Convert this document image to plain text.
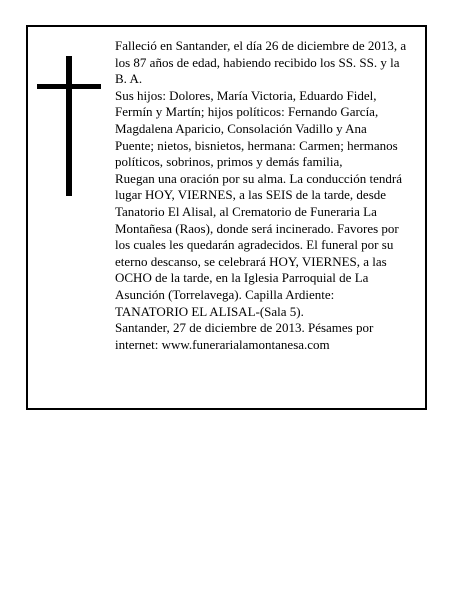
Falleció en Santander, el día 26 de diciembre de 2013, a
los 87 años de edad, habiendo recibido los SS. SS. y la
B. A.
Sus hijos: Dolores, María Victoria, Eduardo Fidel,
Fermín y Martín; hijos políticos: Fernando García,
Magdalena Aparicio, Consolación Vadillo y Ana
Puente; nietos, bisnietos, hermana: Carmen; hermanos
políticos, sobrinos, primos y demás familia,
Ruegan una oración por su alma. La conducción tendrá
lugar HOY, VIERNES, a las SEIS de la tarde, desde
Tanatorio El Alisal, al Crematorio de Funeraria La
Montañesa (Raos), donde será incinerado. Favores por
los cuales les quedarán agradecidos. El funeral por su
eterno descanso, se celebrará HOY, VIERNES, a las
OCHO de la tarde, en la Iglesia Parroquial de La
Asunción (Torrelavega). Capilla Ardiente:
TANATORIO EL ALISAL-(Sala 5).
Santander, 27 de diciembre de 2013. Pésames por
internet: www.funerarialamontanesa.com
